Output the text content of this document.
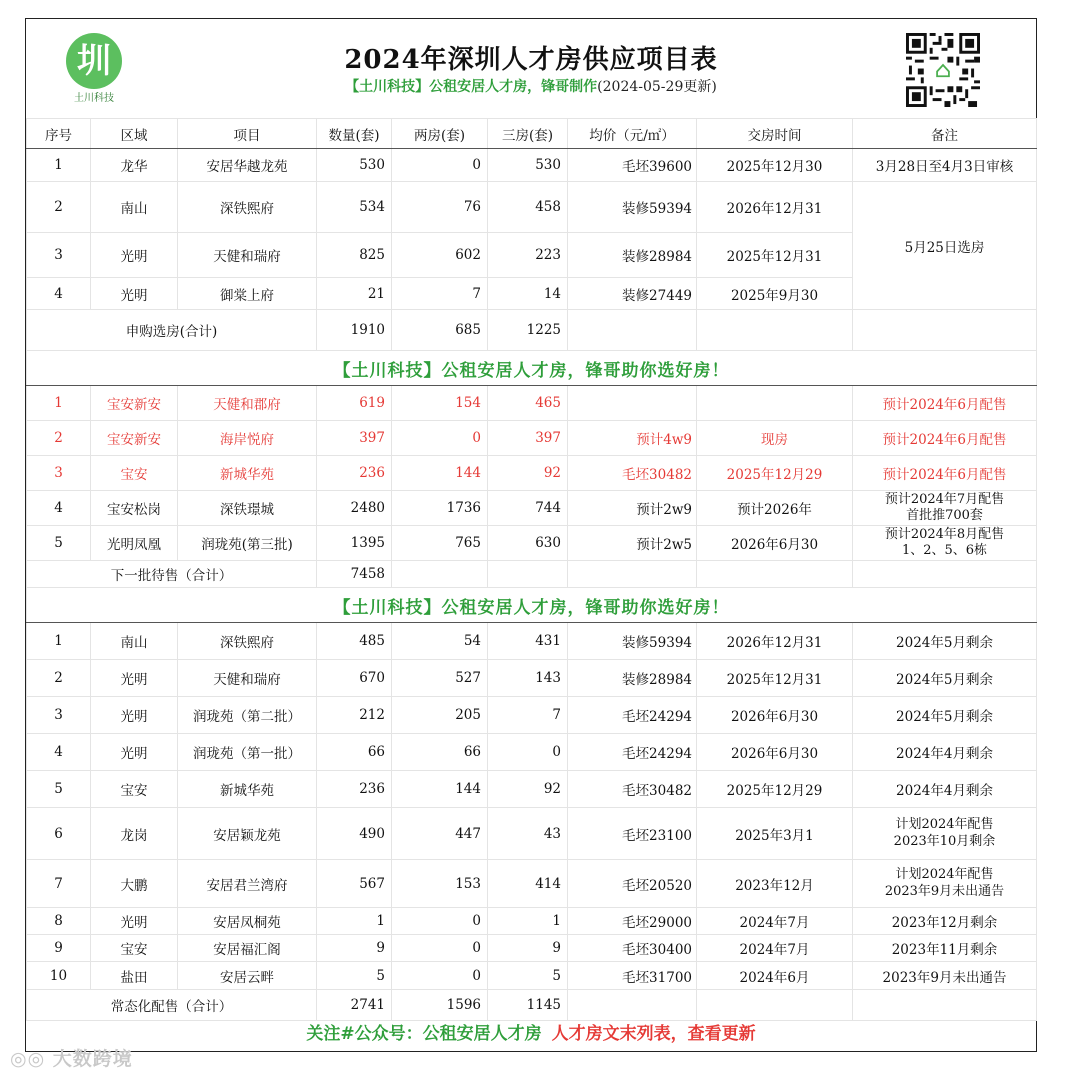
圳
土川科技
2024年深圳人才房供应项目表
【土川科技】公租安居人才房，锋哥制作(2024-05-29更新)
序号	区域	项目	数量(套)	两房(套)	三房(套)	均价（元/㎡）	交房时间	备注
1	龙华	安居华越龙苑	530	0	530	毛坯39600	2025年12月30	3月28日至4月3日审核
2	南山	深铁熙府	534	76	458	装修59394	2026年12月31	5月25日选房
3	光明	天健和瑞府	825	602	223	装修28984	2025年12月31	
4	光明	御棠上府	21	7	14	装修27449	2025年9月30	
申购选房(合计)			1910	685	1225			
【土川科技】公租安居人才房，锋哥助你选好房！								
1	宝安新安	天健和郡府	619	154	465			预计2024年6月配售
2	宝安新安	海岸悦府	397	0	397	预计4w9	现房	预计2024年6月配售
3	宝安	新城华苑	236	144	92	毛坯30482	2025年12月29	预计2024年6月配售
4	宝安松岗	深铁璟城	2480	1736	744	预计2w9	预计2026年	预计2024年7月配售
首批推700套

5	光明凤凰	润珑苑(第三批)	1395	765	630	预计2w5	2026年6月30	预计2024年8月配售
1、2、5、6栋

下一批待售（合计）			7458					
【土川科技】公租安居人才房，锋哥助你选好房！								
1	南山	深铁熙府	485	54	431	装修59394	2026年12月31	2024年5月剩余
2	光明	天健和瑞府	670	527	143	装修28984	2025年12月31	2024年5月剩余
3	光明	润珑苑（第二批）	212	205	7	毛坯24294	2026年6月30	2024年5月剩余
4	光明	润珑苑（第一批）	66	66	0	毛坯24294	2026年6月30	2024年4月剩余
5	宝安	新城华苑	236	144	92	毛坯30482	2025年12月29	2024年4月剩余
6	龙岗	安居颖龙苑	490	447	43	毛坯23100	2025年3月1	计划2024年配售
2023年10月剩余

7	大鹏	安居君兰湾府	567	153	414	毛坯20520	2023年12月	计划2024年配售
2023年9月未出通告

8	光明	安居凤桐苑	1	0	1	毛坯29000	2024年7月	2023年12月剩余
9	宝安	安居福汇阁	9	0	9	毛坯30400	2024年7月	2023年11月剩余
10	盐田	安居云畔	5	0	5	毛坯31700	2024年6月	2023年9月未出通告
常态化配售（合计）			2741	1596	1145			
关注#公众号：公租安居人才房 人才房文末列表，查看更新
◎◎ 大数跨境
